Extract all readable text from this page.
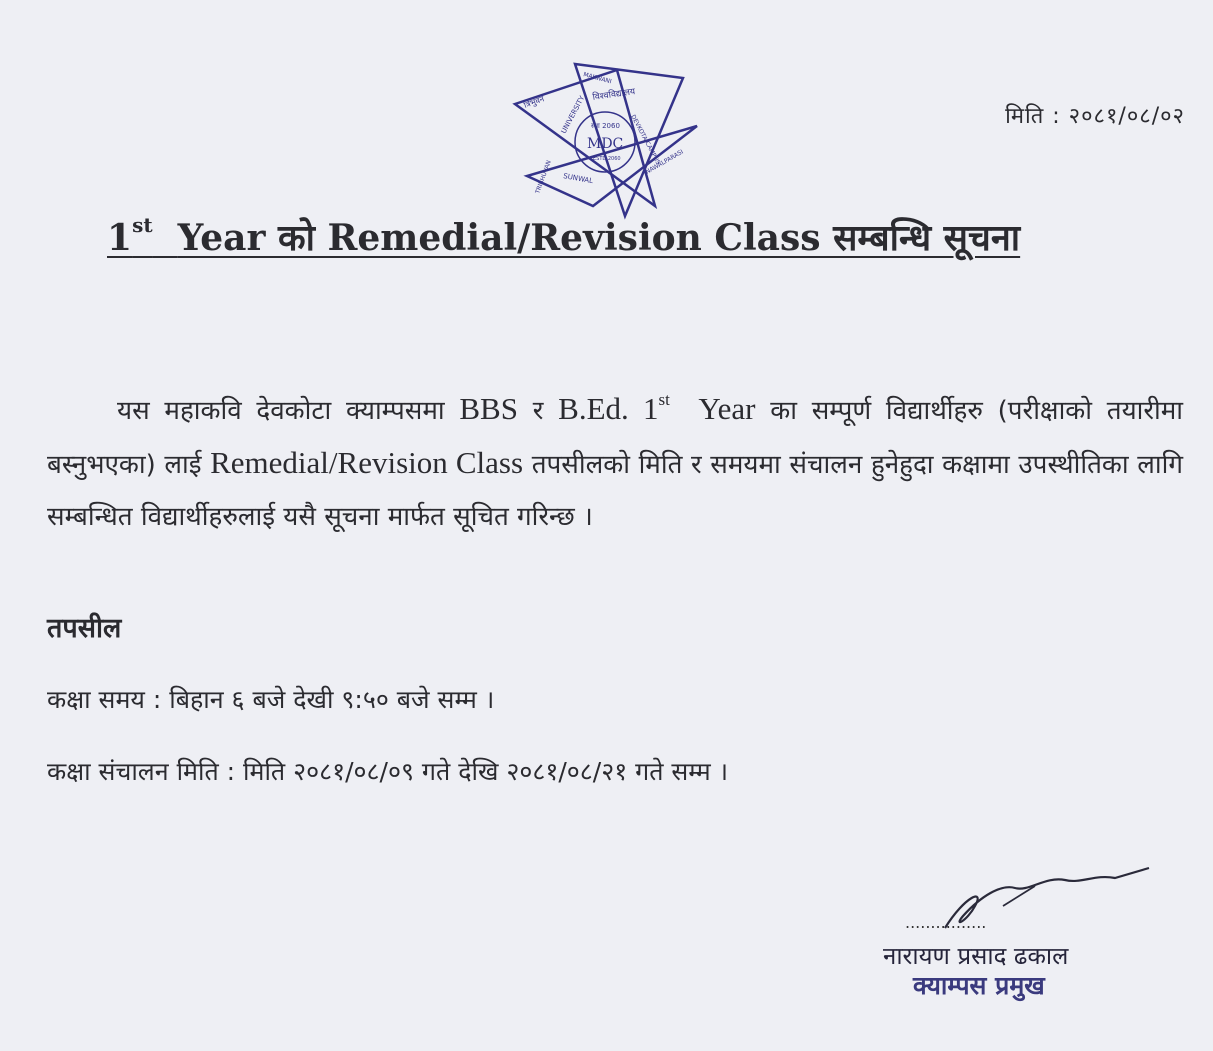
त्रिभुवन UNIVERSITY
MAKWANI
विश्वविद्यालय
DEVKOTA CAMPUS
MDC
स्था 2060
ESTD 2060
SUNWAL
TRIBHUVAN	NAWALPARASI
मिति : २०८१/०८/०२
1st Year को Remedial/Revision Class सम्बन्धि सूचना
यस महाकवि देवकोटा क्याम्पसमा BBS र B.Ed. 1st Year का सम्पूर्ण विद्यार्थीहरु (परीक्षाको तयारीमा बस्नुभएका) लाई Remedial/Revision Class तपसीलको मिति र समयमा संचालन हुनेहुदा कक्षामा उपस्थीतिका लागि सम्बन्धित विद्यार्थीहरुलाई यसै सूचना मार्फत सूचित गरिन्छ ।
तपसील
कक्षा समय : बिहान ६ बजे देखी ९:५० बजे सम्म ।
कक्षा संचालन मिति : मिति २०८१/०८/०९ गते देखि २०८१/०८/२१ गते सम्म ।
................
नारायण प्रसाद ढकाल
क्याम्पस प्रमुख
